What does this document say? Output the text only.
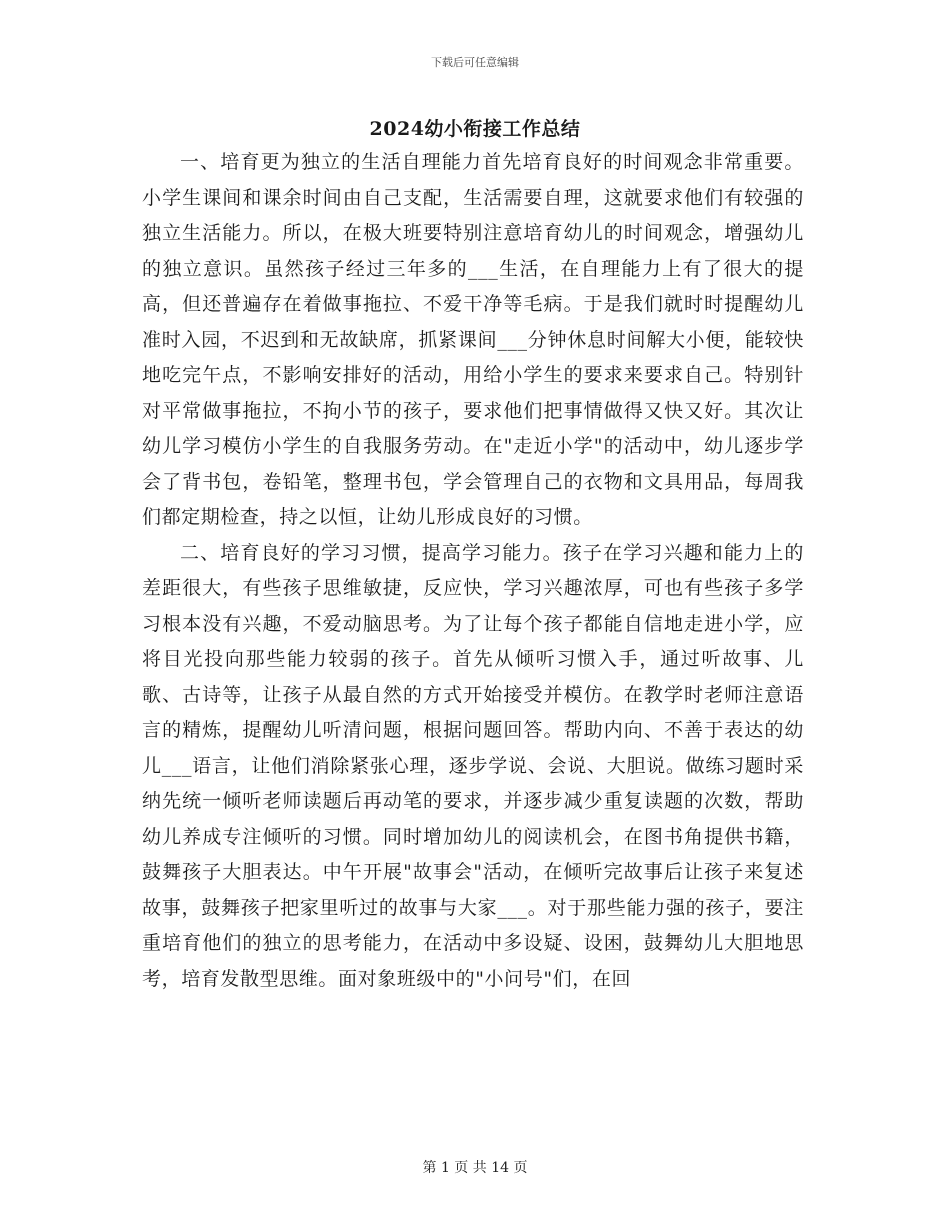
下载后可任意编辑
2024幼小衔接工作总结

一、培育更为独立的生活自理能力首先培育良好的时间观念非常重要。小学生课间和课余时间由自己支配，生活需要自理，这就要求他们有较强的独立生活能力。所以，在极大班要特别注意培育幼儿的时间观念，增强幼儿的独立意识。虽然孩子经过三年多的___生活，在自理能力上有了很大的提高，但还普遍存在着做事拖拉、不爱干净等毛病。于是我们就时时提醒幼儿准时入园，不迟到和无故缺席，抓紧课间___分钟休息时间解大小便，能较快地吃完午点，不影响安排好的活动，用给小学生的要求来要求自己。特别针对平常做事拖拉，不拘小节的孩子，要求他们把事情做得又快又好。其次让幼儿学习模仿小学生的自我服务劳动。在"走近小学"的活动中，幼儿逐步学会了背书包，卷铅笔，整理书包，学会管理自己的衣物和文具用品，每周我们都定期检查，持之以恒，让幼儿形成良好的习惯。

二、培育良好的学习习惯，提高学习能力。孩子在学习兴趣和能力上的差距很大，有些孩子思维敏捷，反应快，学习兴趣浓厚，可也有些孩子多学习根本没有兴趣，不爱动脑思考。为了让每个孩子都能自信地走进小学，应将目光投向那些能力较弱的孩子。首先从倾听习惯入手，通过听故事、儿歌、古诗等，让孩子从最自然的方式开始接受并模仿。在教学时老师注意语言的精炼，提醒幼儿听清问题，根据问题回答。帮助内向、不善于表达的幼儿___语言，让他们消除紧张心理，逐步学说、会说、大胆说。做练习题时采纳先统一倾听老师读题后再动笔的要求，并逐步减少重复读题的次数，帮助幼儿养成专注倾听的习惯。同时增加幼儿的阅读机会，在图书角提供书籍，鼓舞孩子大胆表达。中午开展"故事会"活动，在倾听完故事后让孩子来复述故事，鼓舞孩子把家里听过的故事与大家___。对于那些能力强的孩子，要注重培育他们的独立的思考能力，在活动中多设疑、设困，鼓舞幼儿大胆地思考，培育发散型思维。面对象班级中的"小问号"们，在回

第 1 页 共 14 页
